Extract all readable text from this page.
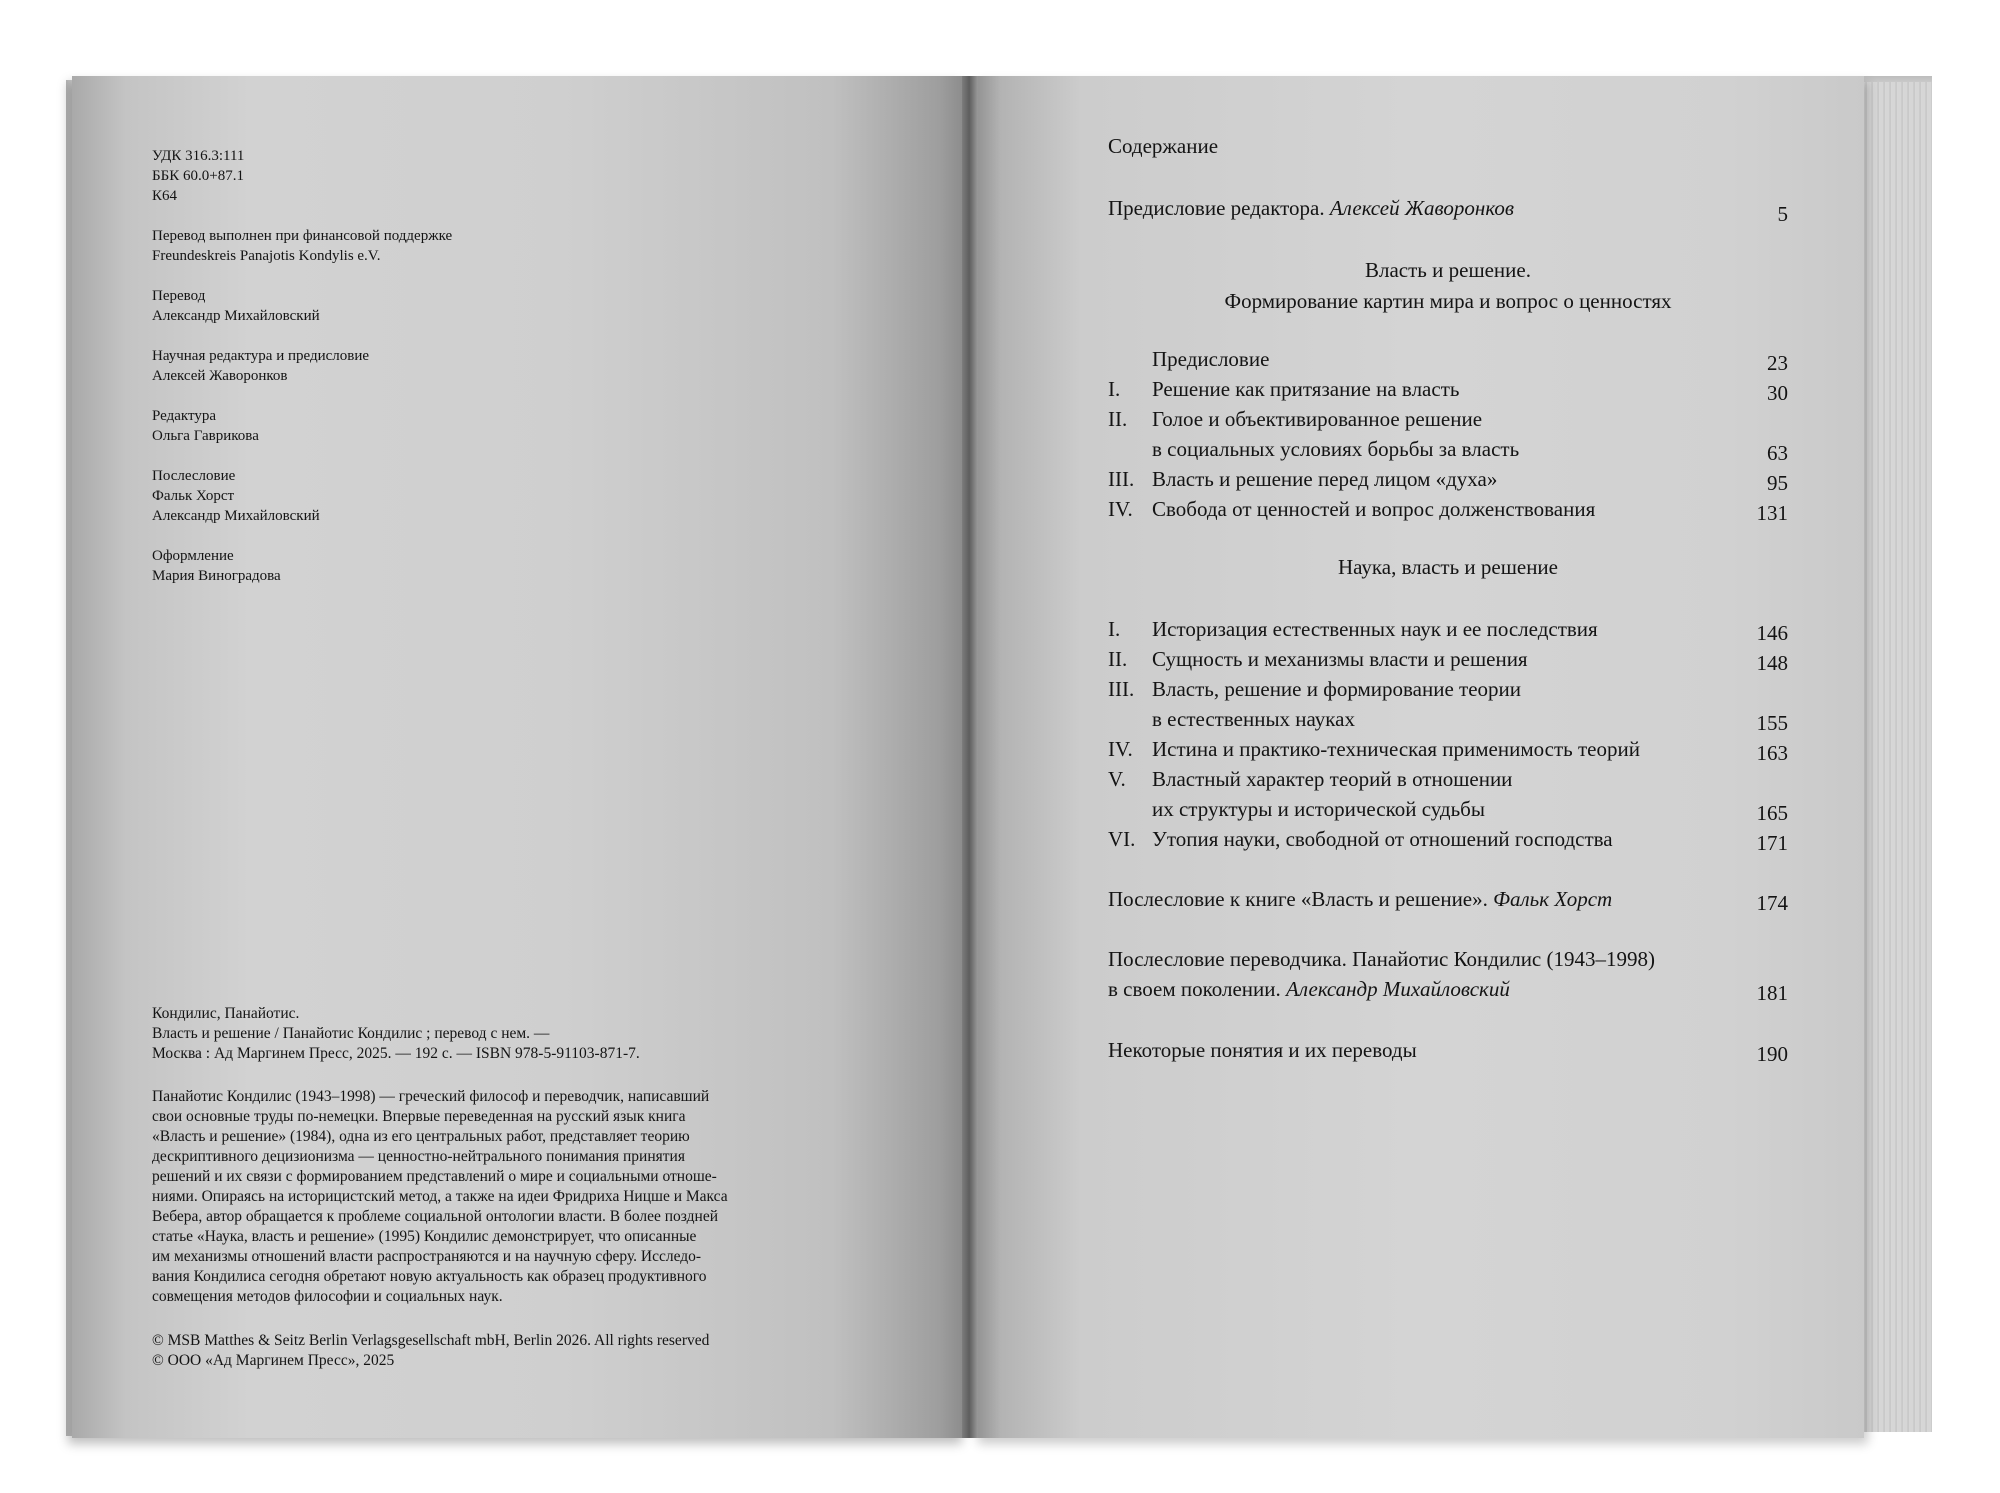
УДК 316.3:111
ББК 60.0+87.1
К64
Перевод выполнен при финансовой поддержке
Freundeskreis Panajotis Kondylis e.V.
Перевод
Александр Михайловский
Научная редактура и предисловие
Алексей Жаворонков
Редактура
Ольга Гаврикова
Послесловие
Фальк Хорст
Александр Михайловский
Оформление
Мария Виноградова
Кондилис, Панайотис.
Власть и решение / Панайотис Кондилис ; перевод с нем. —
Москва : Ад Маргинем Пресс, 2025. — 192 с. — ISBN 978-5-91103-871-7.
Панайотис Кондилис (1943–1998) — греческий философ и переводчик, написавший
свои основные труды по-немецки. Впервые переведенная на русский язык книга
«Власть и решение» (1984), одна из его центральных работ, представляет теорию
дескриптивного децизионизма — ценностно-нейтрального понимания принятия
решений и их связи с формированием представлений о мире и социальными отноше-
ниями. Опираясь на историцистский метод, а также на идеи Фридриха Ницше и Макса
Вебера, автор обращается к проблеме социальной онтологии власти. В более поздней
статье «Наука, власть и решение» (1995) Кондилис демонстрирует, что описанные
им механизмы отношений власти распространяются и на научную сферу. Исследо-
вания Кондилиса сегодня обретают новую актуальность как образец продуктивного
совмещения методов философии и социальных наук.
© MSB Matthes & Seitz Berlin Verlagsgesellschaft mbH, Berlin 2026. All rights reserved
© ООО «Ад Маргинем Пресс», 2025
Содержание
Предисловие редактора. Алексей Жаворонков	5
Власть и решение.
Формирование картин мира и вопрос о ценностях
Предисловие	23
I. Решение как притязание на власть	30
II. Голое и объективированное решение
в социальных условиях борьбы за власть	63
III. Власть и решение перед лицом «духа»	95
IV. Свобода от ценностей и вопрос долженствования	131
Наука, власть и решение
I. Историзация естественных наук и ее последствия	146
II. Сущность и механизмы власти и решения	148
III. Власть, решение и формирование теории
в естественных науках	155
IV. Истина и практико-техническая применимость теорий	163
V. Властный характер теорий в отношении
их структуры и исторической судьбы	165
VI. Утопия науки, свободной от отношений господства	171
Послесловие к книге «Власть и решение». Фальк Хорст	174
Послесловие переводчика. Панайотис Кондилис (1943–1998)
в своем поколении. Александр Михайловский	181
Некоторые понятия и их переводы	190
